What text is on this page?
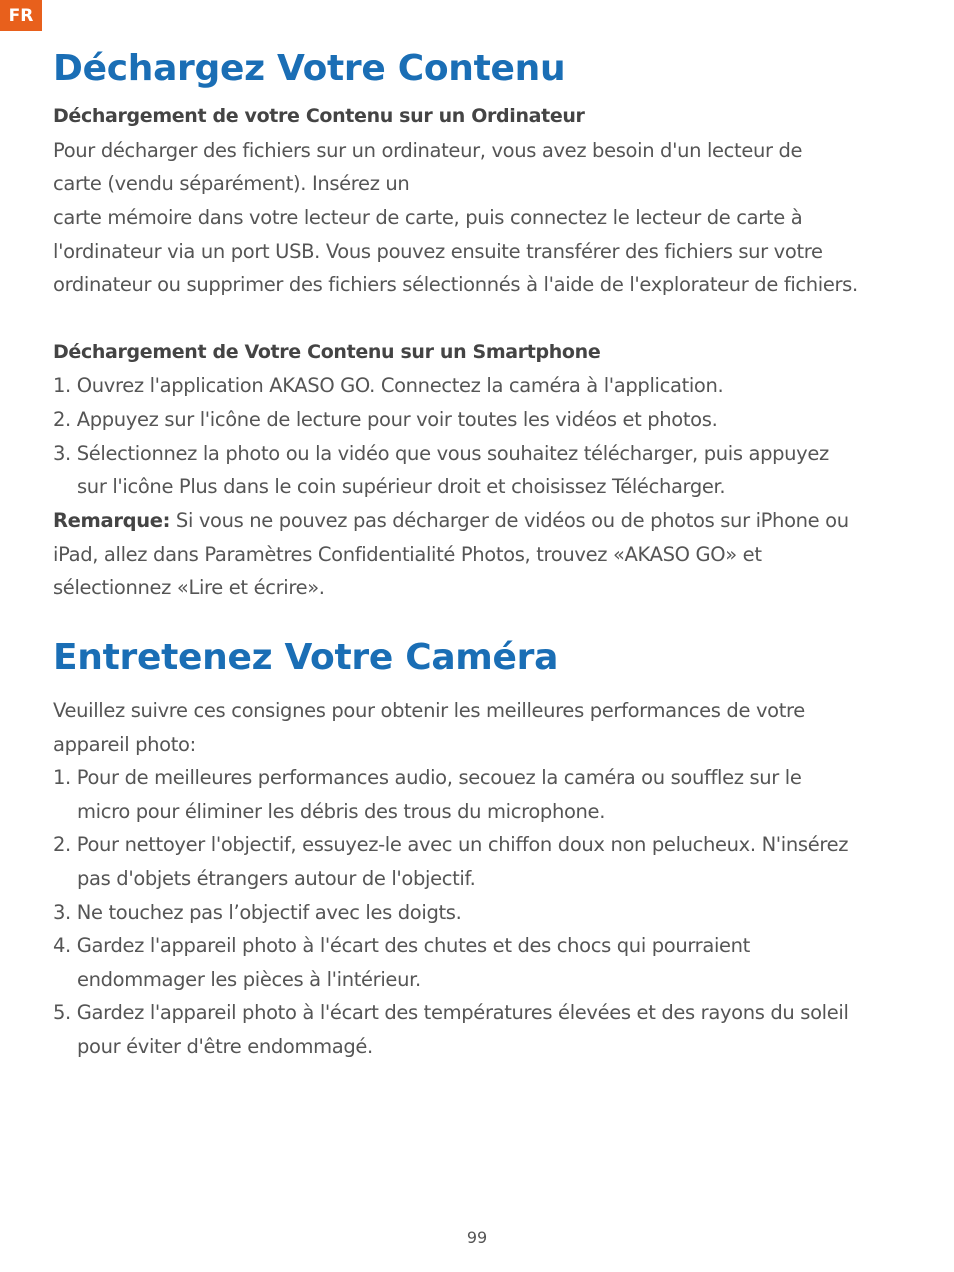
FR
Déchargez Votre Contenu

Déchargement de votre Contenu sur un Ordinateur

Pour décharger des fichiers sur un ordinateur, vous avez besoin d'un lecteur de

carte (vendu séparément). Insérez un

carte mémoire dans votre lecteur de carte, puis connectez le lecteur de carte à

l'ordinateur via un port USB. Vous pouvez ensuite transférer des fichiers sur votre

ordinateur ou supprimer des fichiers sélectionnés à l'aide de l'explorateur de fichiers.

Déchargement de Votre Contenu sur un Smartphone

1. Ouvrez l'application AKASO GO. Connectez la caméra à l'application.

2. Appuyez sur l'icône de lecture pour voir toutes les vidéos et photos.

3. Sélectionnez la photo ou la vidéo que vous souhaitez télécharger, puis appuyez

sur l'icône Plus dans le coin supérieur droit et choisissez Télécharger.

Remarque: Si vous ne pouvez pas décharger de vidéos ou de photos sur iPhone ou

iPad, allez dans Paramètres Confidentialité Photos, trouvez «AKASO GO» et

sélectionnez «Lire et écrire».

Entretenez Votre Caméra

Veuillez suivre ces consignes pour obtenir les meilleures performances de votre

appareil photo:

1. Pour de meilleures performances audio, secouez la caméra ou soufflez sur le

micro pour éliminer les débris des trous du microphone.

2. Pour nettoyer l'objectif, essuyez-le avec un chiffon doux non pelucheux. N'insérez

pas d'objets étrangers autour de l'objectif.

3. Ne touchez pas l’objectif avec les doigts.

4. Gardez l'appareil photo à l'écart des chutes et des chocs qui pourraient

endommager les pièces à l'intérieur.

5. Gardez l'appareil photo à l'écart des températures élevées et des rayons du soleil

pour éviter d'être endommagé.

99
